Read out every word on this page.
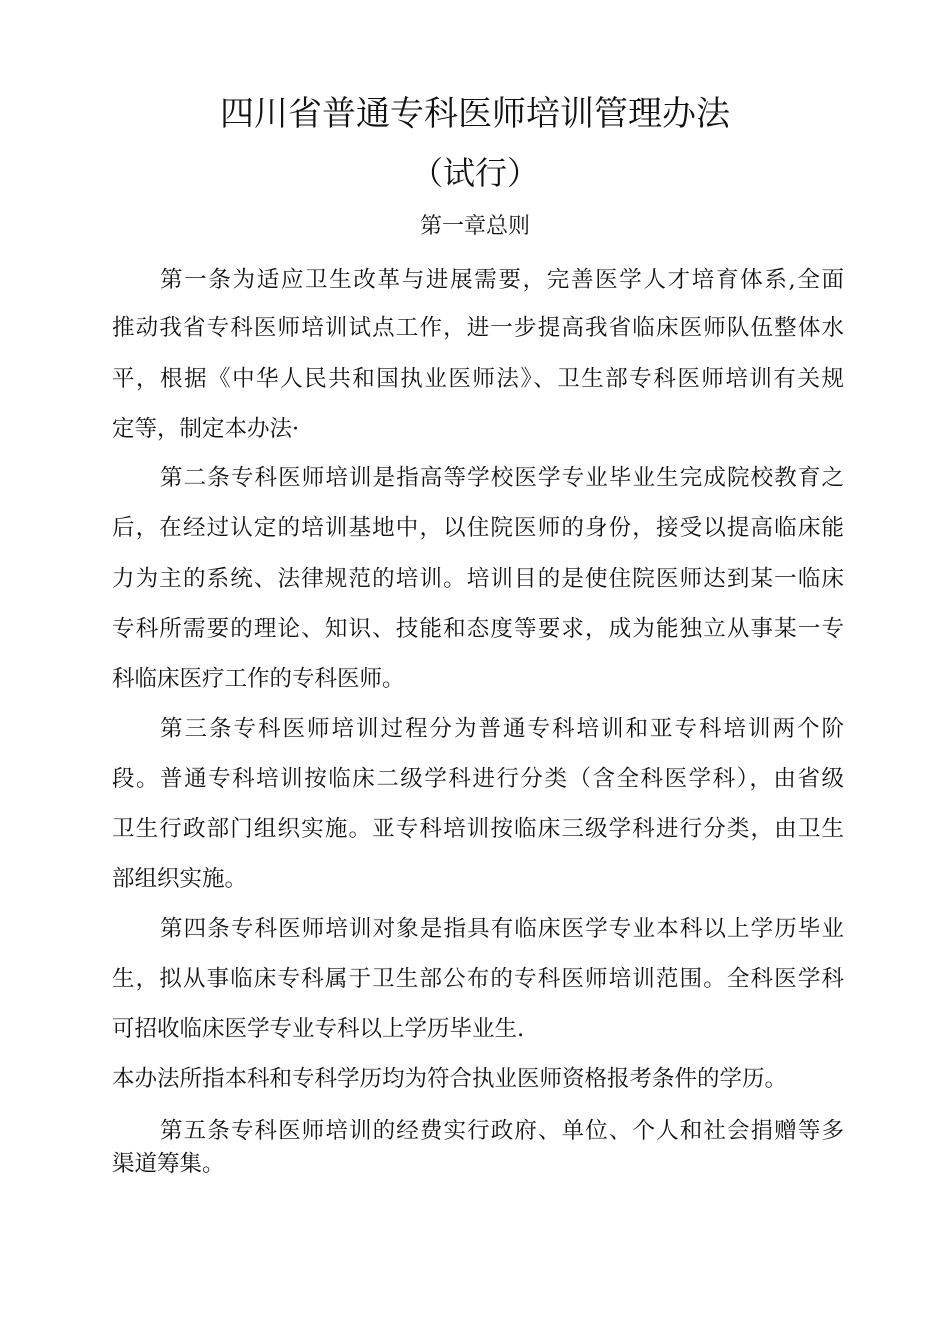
四川省普通专科医师培训管理办法
（试行）
第一章总则
第一条为适应卫生改革与进展需要，完善医学人才培育体系,全面
推动我省专科医师培训试点工作，进一步提高我省临床医师队伍整体水
平，根据《中华人民共和国执业医师法》、卫生部专科医师培训有关规
定等，制定本办法·
第二条专科医师培训是指高等学校医学专业毕业生完成院校教育之
后，在经过认定的培训基地中，以住院医师的身份，接受以提高临床能
力为主的系统、法律规范的培训。培训目的是使住院医师达到某一临床
专科所需要的理论、知识、技能和态度等要求，成为能独立从事某一专
科临床医疗工作的专科医师。
第三条专科医师培训过程分为普通专科培训和亚专科培训两个阶
段。普通专科培训按临床二级学科进行分类（含全科医学科），由省级
卫生行政部门组织实施。亚专科培训按临床三级学科进行分类，由卫生
部组织实施。
第四条专科医师培训对象是指具有临床医学专业本科以上学历毕业
生，拟从事临床专科属于卫生部公布的专科医师培训范围。全科医学科
可招收临床医学专业专科以上学历毕业生.
本办法所指本科和专科学历均为符合执业医师资格报考条件的学历。
第五条专科医师培训的经费实行政府、单位、个人和社会捐赠等多
渠道筹集。
